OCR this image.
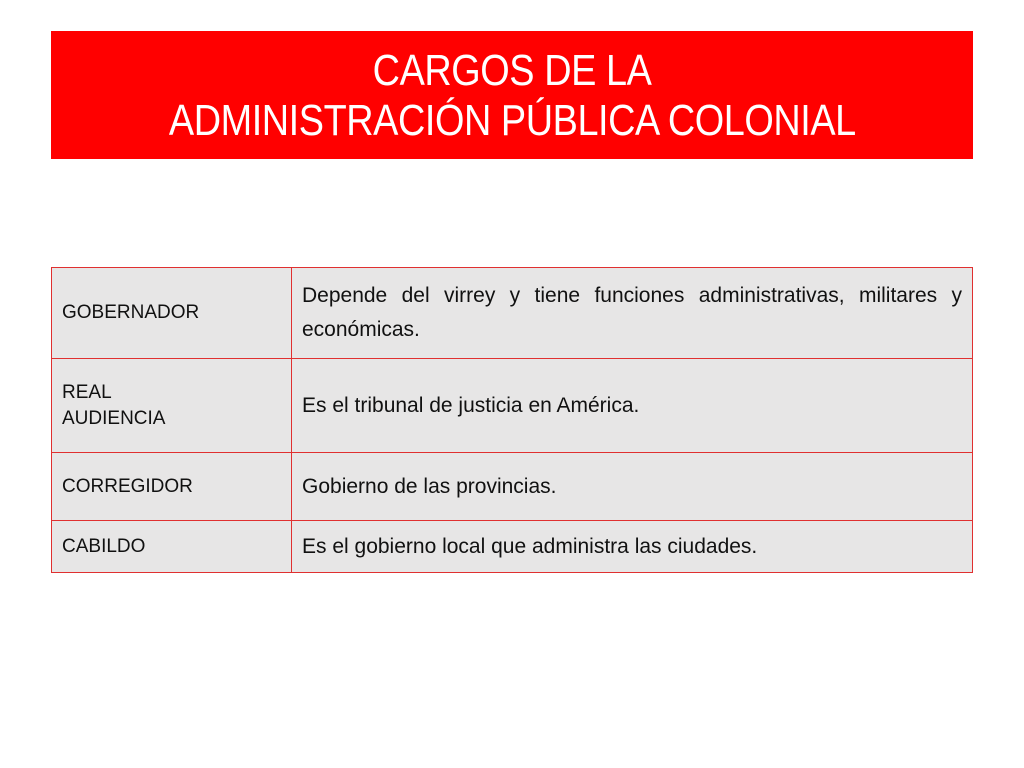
CARGOS DE LA
ADMINISTRACIÓN PÚBLICA COLONIAL
GOBERNADOR	Depende del virrey y tiene funciones administrativas, militares y económicas.

REAL
AUDIENCIA	Es el tribunal de justicia en América.

CORREGIDOR	Gobierno de las provincias.

CABILDO	Es el gobierno local que administra las ciudades.
